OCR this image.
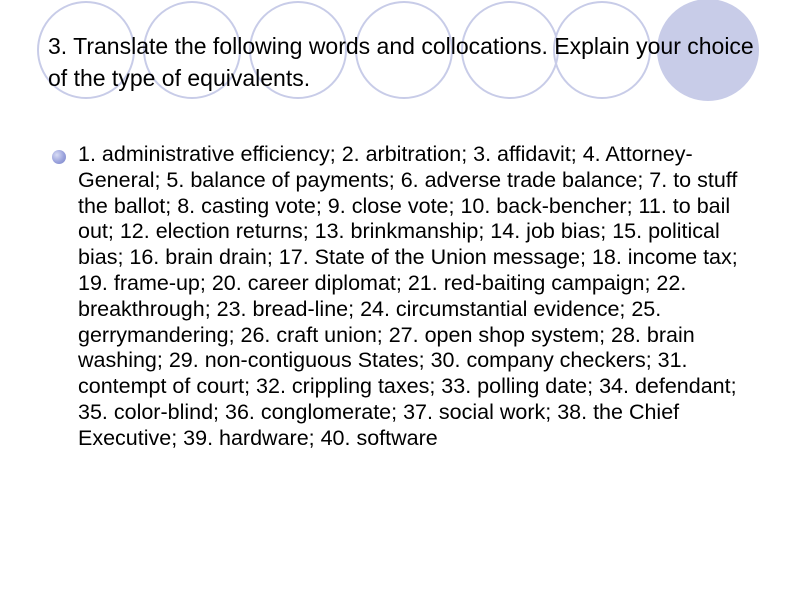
3. Translate the following words and collocations. Explain your choice of the type of equivalents.

1. administrative efficiency; 2. arbitration; 3. affidavit; 4. Attorney-General; 5. balance of payments; 6. adverse trade balance; 7. to stuff the ballot; 8. casting vote; 9. close vote; 10. back-bencher; 11. to bail out; 12. election returns; 13. brinkmanship; 14. job bias; 15. political bias; 16. brain drain; 17. State of the Union message; 18. income tax; 19. frame-up; 20. career diplomat; 21. red-baiting campaign; 22. breakthrough; 23. bread-line; 24. circumstantial evidence; 25. gerrymandering; 26. craft union; 27. open shop system; 28. brain washing; 29. non-contiguous States; 30. company checkers; 31. contempt of court; 32. crippling taxes; 33. polling date; 34. defendant; 35. color-blind; 36. conglomerate; 37. social work; 38. the Chief Executive; 39. hardware; 40. software
